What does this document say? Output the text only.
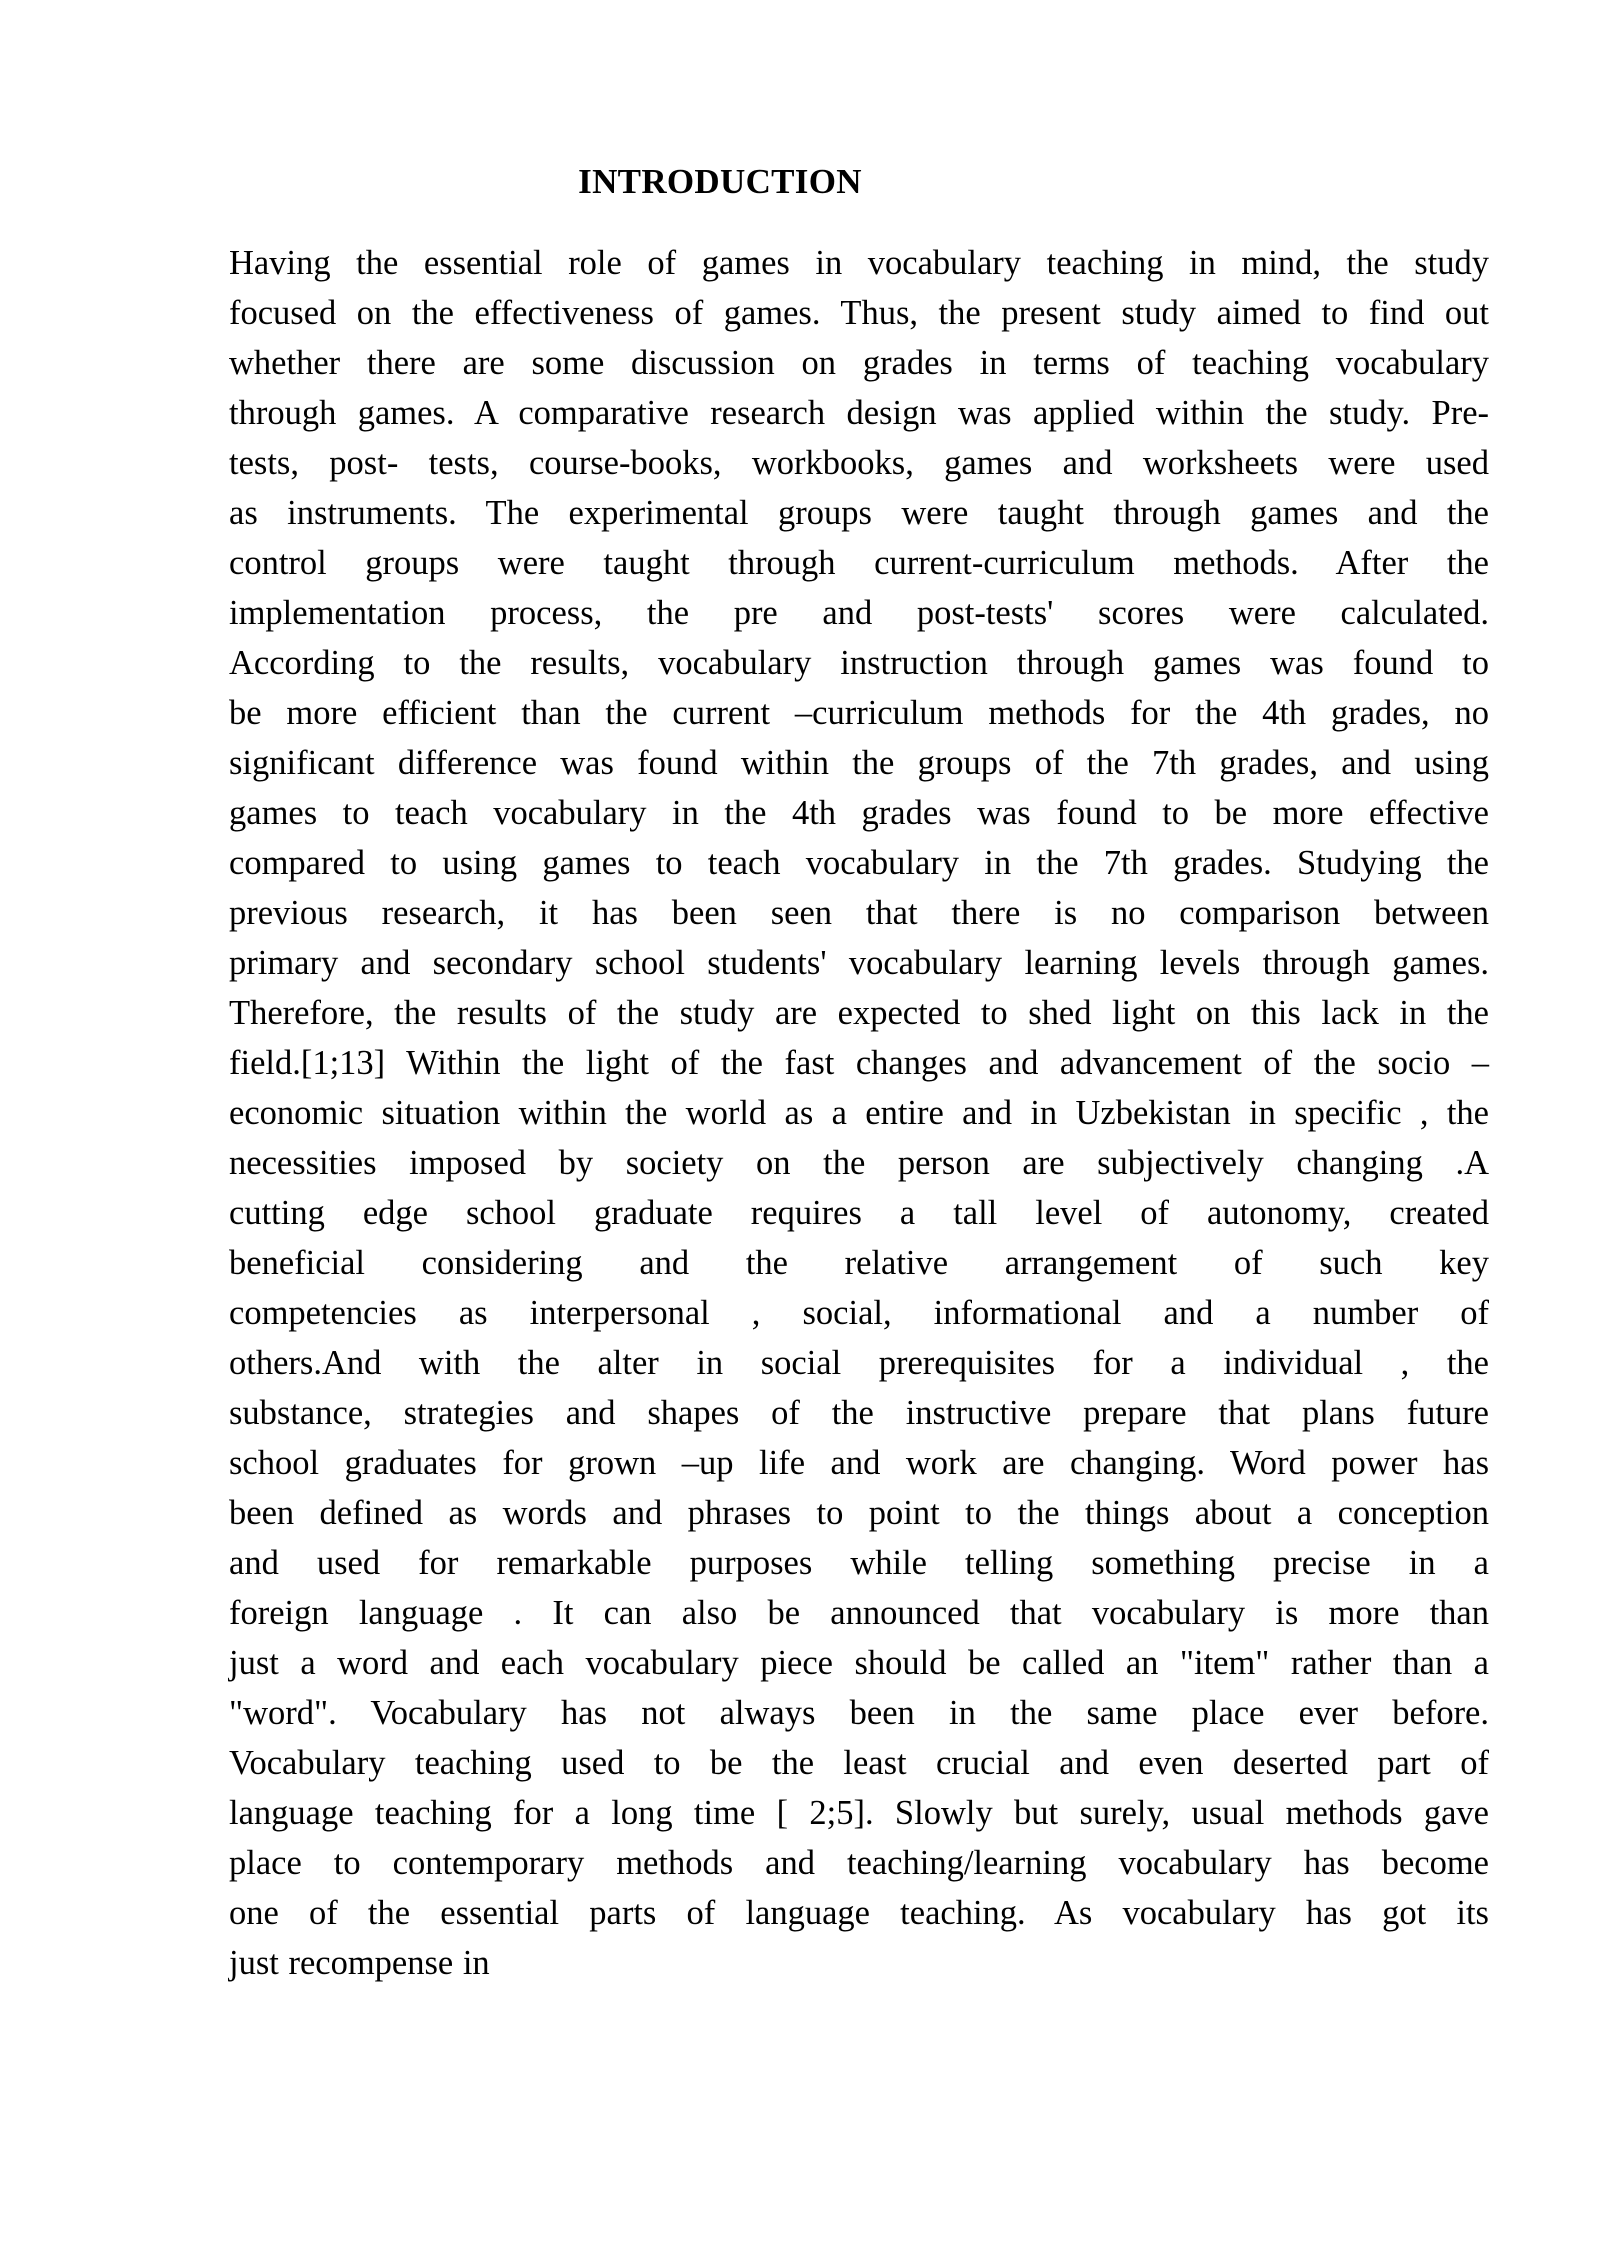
INTRODUCTION
Having the essential role of games in vocabulary teaching in mind, the study
focused on the effectiveness of games. Thus, the present study aimed to find out
whether there are some discussion on grades in terms of teaching vocabulary
through games. A comparative research design was applied within the study. Pre-
tests, post- tests, course-books, workbooks, games and worksheets were used
as instruments. The experimental groups were taught through games and the
control groups were taught through current-curriculum methods. After the
implementation process, the pre and post-tests' scores were calculated.
According to the results, vocabulary instruction through games was found to
be more efficient than the current –curriculum methods for the 4th grades, no
significant difference was found within the groups of the 7th grades, and using
games to teach vocabulary in the 4th grades was found to be more effective
compared to using games to teach vocabulary in the 7th grades. Studying the
previous research, it has been seen that there is no comparison between
primary and secondary school students' vocabulary learning levels through games.
Therefore, the results of the study are expected to shed light on this lack in the
field.[1;13] Within the light of the fast changes and advancement of the socio –
economic situation within the world as a entire and in Uzbekistan in specific , the
necessities imposed by society on the person are subjectively changing .A
cutting edge school graduate requires a tall level of autonomy, created
beneficial considering and the relative arrangement of such key
competencies as interpersonal , social, informational and a number of
others.And with the alter in social prerequisites for a individual , the
substance, strategies and shapes of the instructive prepare that plans future
school graduates for grown –up life and work are changing. Word power has
been defined as words and phrases to point to the things about a conception
and used for remarkable purposes while telling something precise in a
foreign language . It can also be announced that vocabulary is more than
just a word and each vocabulary piece should be called an "item" rather than a
"word". Vocabulary has not always been in the same place ever before.
Vocabulary teaching used to be the least crucial and even deserted part of
language teaching for a long time [ 2;5]. Slowly but surely, usual methods gave
place to contemporary methods and teaching/learning vocabulary has become
one of the essential parts of language teaching. As vocabulary has got its
just recompense in
